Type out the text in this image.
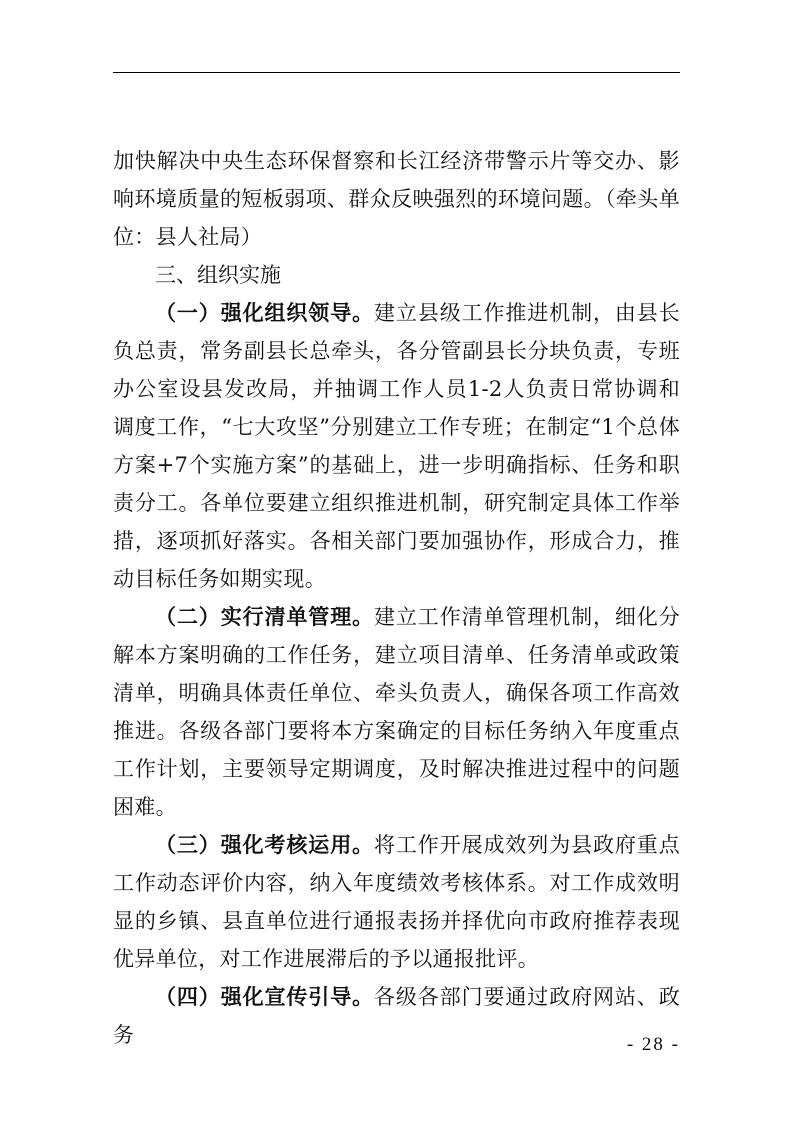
加快解决中央生态环保督察和长江经济带警示片等交办、影响环境质量的短板弱项、群众反映强烈的环境问题。（牵头单位：县人社局）

三、组织实施

（一）强化组织领导。建立县级工作推进机制，由县长负总责，常务副县长总牵头，各分管副县长分块负责，专班办公室设县发改局，并抽调工作人员1-2人负责日常协调和调度工作，“七大攻坚”分别建立工作专班；在制定“1个总体方案+7个实施方案”的基础上，进一步明确指标、任务和职责分工。各单位要建立组织推进机制，研究制定具体工作举措，逐项抓好落实。各相关部门要加强协作，形成合力，推动目标任务如期实现。

（二）实行清单管理。建立工作清单管理机制，细化分解本方案明确的工作任务，建立项目清单、任务清单或政策清单，明确具体责任单位、牵头负责人，确保各项工作高效推进。各级各部门要将本方案确定的目标任务纳入年度重点工作计划，主要领导定期调度，及时解决推进过程中的问题困难。

（三）强化考核运用。将工作开展成效列为县政府重点工作动态评价内容，纳入年度绩效考核体系。对工作成效明显的乡镇、县直单位进行通报表扬并择优向市政府推荐表现优异单位，对工作进展滞后的予以通报批评。

（四）强化宣传引导。各级各部门要通过政府网站、政务	- 28 -
